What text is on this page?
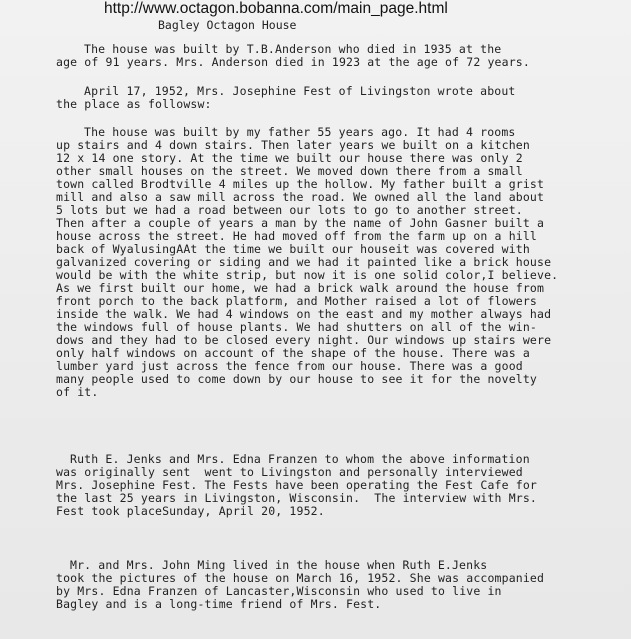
http://www.octagon.bobanna.com/main_page.html
Bagley Octagon House
The house was built by T.B.Anderson who died in 1935 at the
age of 91 years. Mrs. Anderson died in 1923 at the age of 72 years.
April 17, 1952, Mrs. Josephine Fest of Livingston wrote about
the place as followsw:
The house was built by my father 55 years ago. It had 4 rooms
up stairs and 4 down stairs. Then later years we built on a kitchen
12 x 14 one story. At the time we built our house there was only 2
other small houses on the street. We moved down there from a small
town called Brodtville 4 miles up the hollow. My father built a grist
mill and also a saw mill across the road. We owned all the land about
5 lots but we had a road between our lots to go to another street.
Then after a couple of years a man by the name of John Gasner built a
house across the street. He had moved off from the farm up on a hill
back of WyalusingAAt the time we built our houseit was covered with
galvanized covering or siding and we had it painted like a brick house
would be with the white strip, but now it is one solid color,I believe.
As we first built our home, we had a brick walk around the house from
front porch to the back platform, and Mother raised a lot of flowers
inside the walk. We had 4 windows on the east and my mother always had
the windows full of house plants. We had shutters on all of the win-
dows and they had to be closed every night. Our windows up stairs were
only half windows on account of the shape of the house. There was a
lumber yard just across the fence from our house. There was a good
many people used to come down by our house to see it for the novelty
of it.
Ruth E. Jenks and Mrs. Edna Franzen to whom the above information
was originally sent  went to Livingston and personally interviewed
Mrs. Josephine Fest. The Fests have been operating the Fest Cafe for
the last 25 years in Livingston, Wisconsin.  The interview with Mrs.
Fest took placeSunday, April 20, 1952.
Mr. and Mrs. John Ming lived in the house when Ruth E.Jenks
took the pictures of the house on March 16, 1952. She was accompanied
by Mrs. Edna Franzen of Lancaster,Wisconsin who used to live in
Bagley and is a long-time friend of Mrs. Fest.
